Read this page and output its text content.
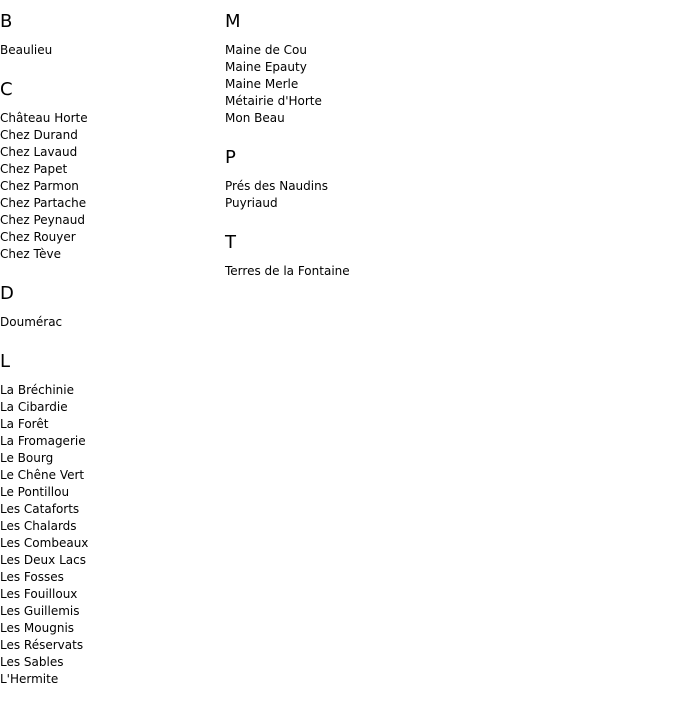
B
Beaulieu
C
Château Horte
Chez Durand
Chez Lavaud
Chez Papet
Chez Parmon
Chez Partache
Chez Peynaud
Chez Rouyer
Chez Tève
D
Doumérac
L
La Bréchinie
La Cibardie
La Forêt
La Fromagerie
Le Bourg
Le Chêne Vert
Le Pontillou
Les Cataforts
Les Chalards
Les Combeaux
Les Deux Lacs
Les Fosses
Les Fouilloux
Les Guillemis
Les Mougnis
Les Réservats
Les Sables
L'Hermite
M
Maine de Cou
Maine Epauty
Maine Merle
Métairie d'Horte
Mon Beau
P
Prés des Naudins
Puyriaud
T
Terres de la Fontaine
